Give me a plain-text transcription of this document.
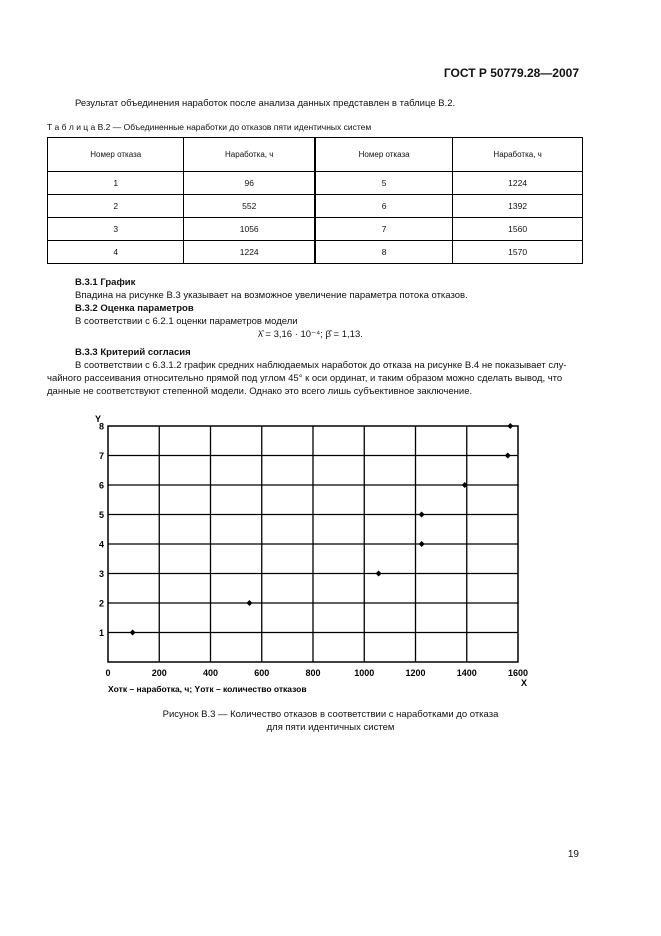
ГОСТ Р 50779.28—2007
Результат объединения наработок после анализа данных представлен в таблице В.2.
Т а б л и ц а В.2 — Объединенные наработки до отказов пяти идентичных систем
Номер отказа	Наработка, ч	Номер отказа	Наработка, ч
1	96	5	1224
2	552	6	1392
3	1056	7	1560
4	1224	8	1570
В.3.1 График
Впадина на рисунке В.3 указывает на возможное увеличение параметра потока отказов.
В.3.2 Оценка параметров
В соответствии с 6.2.1 оценки параметров модели
λ̂ = 3,16 · 10⁻⁴; β̂ = 1,13.
В.3.3 Критерий согласия
В соответствии с 6.3.1.2 график средних наблюдаемых наработок до отказа на рисунке В.4 не показывает слу-
чайного рассеивания относительно прямой под углом 45° к оси ординат, и таким образом можно сделать вывод, что
данные не соответствуют степенной модели. Однако это всего лишь субъективное заключение.
0	200	400	600	800	1000	1200	1400	1600
1
2
3
4
5
6
7
8
Y
X
Xотк – наработка, ч; Yотк – количество отказов
Рисунок В.3 — Количество отказов в соответствии с наработками до отказа
для пяти идентичных систем
19
